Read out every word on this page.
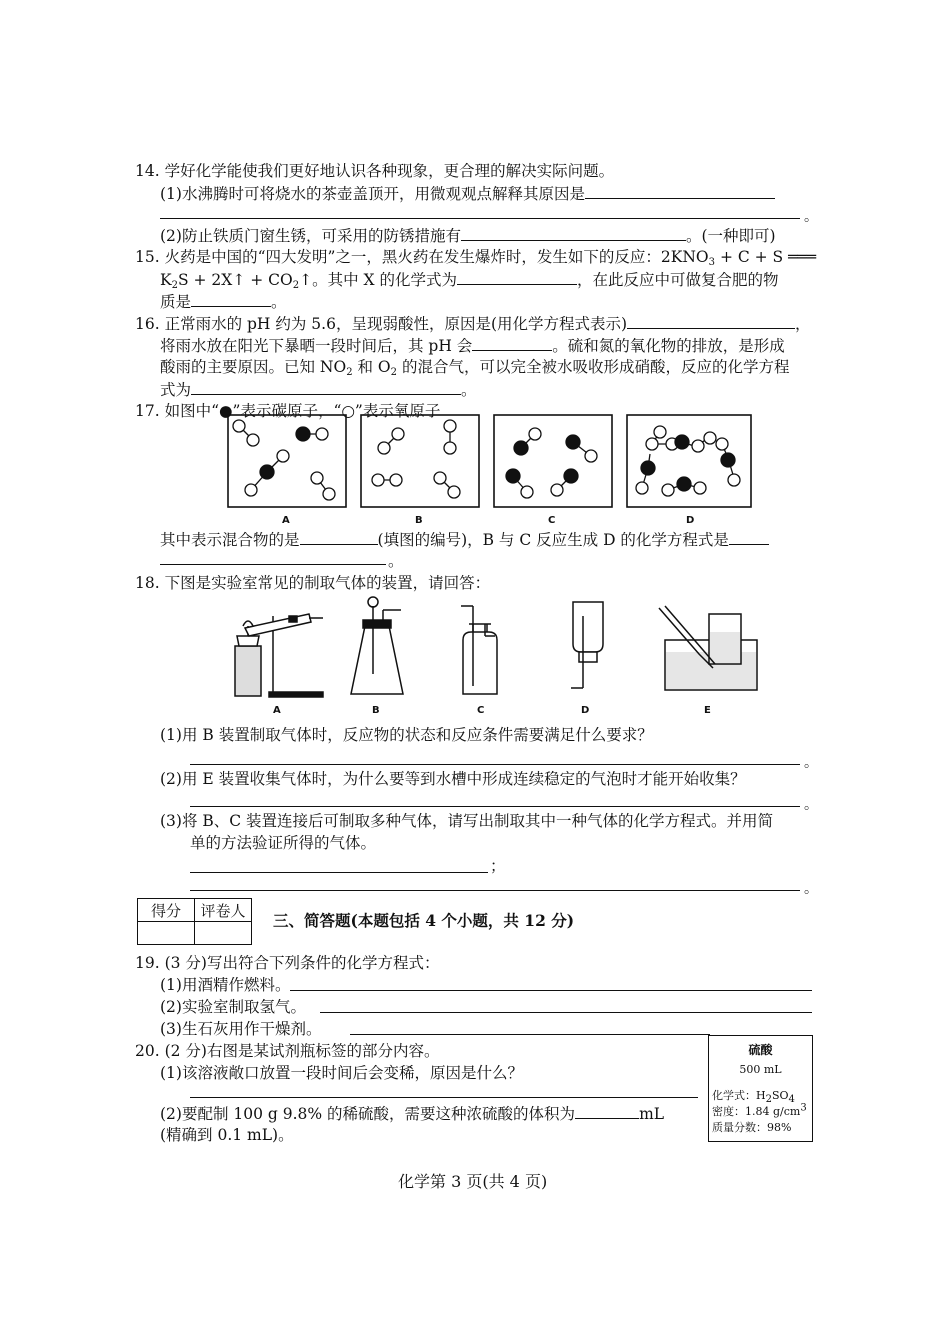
14. 学好化学能使我们更好地认识各种现象，更合理的解决实际问题。
(1)水沸腾时可将烧水的茶壶盖顶开，用微观观点解释其原因是
。
(2)防止铁质门窗生锈，可采用的防锈措施有	。(一种即可)
15. 火药是中国的“四大发明”之一，黑火药在发生爆炸时，发生如下的反应：$2KNO_3 + C + S$ ═══
$K_2S$ + 2X↑ + $CO_2↑$。其中 X 的化学式为	，在此反应中可做复合肥的物
质是	。
16. 正常雨水的 pH 约为 5.6，呈现弱酸性，原因是(用化学方程式表示)	，
将雨水放在阳光下暴晒一段时间后，其 pH 会	。硫和氮的氧化物的排放，是形成
酸雨的主要原因。已知 $NO_2$ 和 $O_2$ 的混合气，可以完全被水吸收形成硝酸，反应的化学方程
式为	。
17. 如图中“●”表示碳原子，“○”表示氧原子
A	B	C	D
其中表示混合物的是	(填图的编号)，B 与 C 反应生成 D 的化学方程式是
。
18. 下图是实验室常见的制取气体的装置，请回答：
A	B	C	D	E
(1)用 B 装置制取气体时，反应物的状态和反应条件需要满足什么要求？
。
(2)用 E 装置收集气体时，为什么要等到水槽中形成连续稳定的气泡时才能开始收集？
。
(3)将 B、C 装置连接后可制取多种气体，请写出制取其中一种气体的化学方程式。并用简
单的方法验证所得的气体。
；
。
得分	评卷人

三、简答题(本题包括 4 个小题，共 12 分)
19. (3 分)写出符合下列条件的化学方程式：
(1)用酒精作燃料。
(2)实验室制取氢气。
(3)生石灰用作干燥剂。
20. (2 分)右图是某试剂瓶标签的部分内容。
(1)该溶液敞口放置一段时间后会变稀，原因是什么？
(2)要配制 100 g 9.8% 的稀硫酸，需要这种浓硫酸的体积为	mL
(精确到 0.1 mL)。
硫酸
500 mL
化学式：$H_2SO_4$
密度：1.84 $g/cm^3$
质量分数：98%
化学第 3 页(共 4 页)
